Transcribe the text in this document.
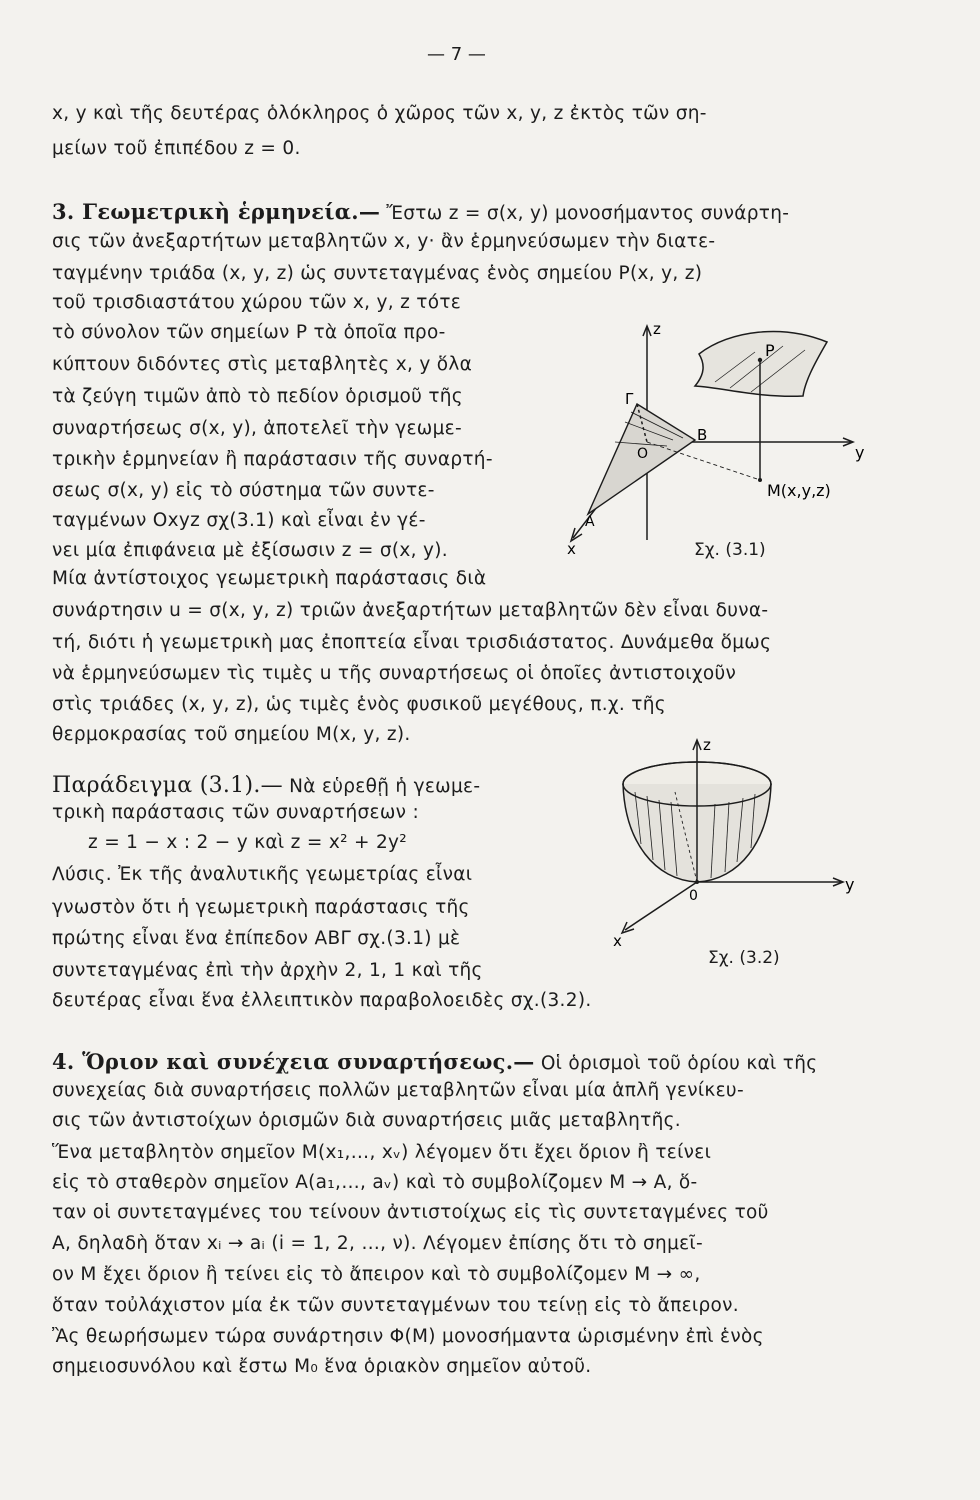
— 7 —
x, y καὶ τῆς δευτέρας ὁλόκληρος ὁ χῶρος τῶν x, y, z ἐκτὸς τῶν ση-
μείων τοῦ ἐπιπέδου z = 0.
3. Γεωμετρικὴ ἑρμηνεία.— Ἔστω z = σ(x, y) μονοσήμαντος συνάρτη-
σις τῶν ἀνεξαρτήτων μεταβλητῶν x, y· ἂν ἑρμηνεύσωμεν τὴν διατε-
ταγμένην τριάδα (x, y, z) ὡς συντεταγμένας ἑνὸς σημείου P(x, y, z)
τοῦ τρισδιαστάτου χώρου τῶν x, y, z τότε
τὸ σύνολον τῶν σημείων P τὰ ὁποῖα προ-
κύπτουν διδόντες στὶς μεταβλητὲς x, y ὅλα
τὰ ζεύγη τιμῶν ἀπὸ τὸ πεδίον ὁρισμοῦ τῆς
συναρτήσεως σ(x, y), ἀποτελεῖ τὴν γεωμε-
τρικὴν ἑρμηνείαν ἢ παράστασιν τῆς συναρτή-
σεως σ(x, y) εἰς τὸ σύστημα τῶν συντε-
ταγμένων Oxyz σχ(3.1) καὶ εἶναι ἐν γέ-
νει μία ἐπιφάνεια μὲ ἐξίσωσιν z = σ(x, y).
Μία ἀντίστοιχος γεωμετρικὴ παράστασις διὰ
συνάρτησιν u = σ(x, y, z) τριῶν ἀνεξαρτήτων μεταβλητῶν δὲν εἶναι δυνα-
τή, διότι ἡ γεωμετρικὴ μας ἐποπτεία εἶναι τρισδιάστατος. Δυνάμεθα ὅμως
νὰ ἑρμηνεύσωμεν τὶς τιμὲς u τῆς συναρτήσεως οἱ ὁποῖες ἀντιστοιχοῦν
στὶς τριάδες (x, y, z), ὡς τιμὲς ἑνὸς φυσικοῦ μεγέθους, π.χ. τῆς
θερμοκρασίας τοῦ σημείου M(x, y, z).
z
y
x
P
O
B
A
Γ
M(x,y,z)
Σχ. (3.1)
Παράδειγμα (3.1).— Νὰ εὑρεθῇ ἡ γεωμε-
τρικὴ παράστασις τῶν συναρτήσεων :
z = 1 − x : 2 − y καὶ z = x² + 2y²
Λύσις. Ἐκ τῆς ἀναλυτικῆς γεωμετρίας εἶναι
γνωστὸν ὅτι ἡ γεωμετρικὴ παράστασις τῆς
πρώτης εἶναι ἕνα ἐπίπεδον ΑΒΓ σχ.(3.1) μὲ
συντεταγμένας ἐπὶ τὴν ἀρχὴν 2, 1, 1 καὶ τῆς
δευτέρας εἶναι ἕνα ἐλλειπτικὸν παραβολοειδὲς σχ.(3.2).
z
y
x
0
Σχ. (3.2)
4. Ὅριον καὶ συνέχεια συναρτήσεως.— Οἱ ὁρισμοὶ τοῦ ὁρίου καὶ τῆς
συνεχείας διὰ συναρτήσεις πολλῶν μεταβλητῶν εἶναι μία ἁπλῆ γενίκευ-
σις τῶν ἀντιστοίχων ὁρισμῶν διὰ συναρτήσεις μιᾶς μεταβλητῆς.
Ἕνα μεταβλητὸν σημεῖον M(x₁,…, xᵥ) λέγομεν ὅτι ἔχει ὅριον ἢ τείνει
εἰς τὸ σταθερὸν σημεῖον A(a₁,…, aᵥ) καὶ τὸ συμβολίζομεν M → A, ὅ-
ταν οἱ συντεταγμένες του τείνουν ἀντιστοίχως εἰς τὶς συντεταγμένες τοῦ
A, δηλαδὴ ὅταν xᵢ → aᵢ (i = 1, 2, …, ν). Λέγομεν ἐπίσης ὅτι τὸ σημεῖ-
ον M ἔχει ὅριον ἢ τείνει εἰς τὸ ἄπειρον καὶ τὸ συμβολίζομεν M → ∞,
ὅταν τοὐλάχιστον μία ἐκ τῶν συντεταγμένων του τείνῃ εἰς τὸ ἄπειρον.
Ἂς θεωρήσωμεν τώρα συνάρτησιν Φ(M) μονοσήμαντα ὡρισμένην ἐπὶ ἑνὸς
σημειοσυνόλου καὶ ἔστω M₀ ἕνα ὁριακὸν σημεῖον αὐτοῦ.
